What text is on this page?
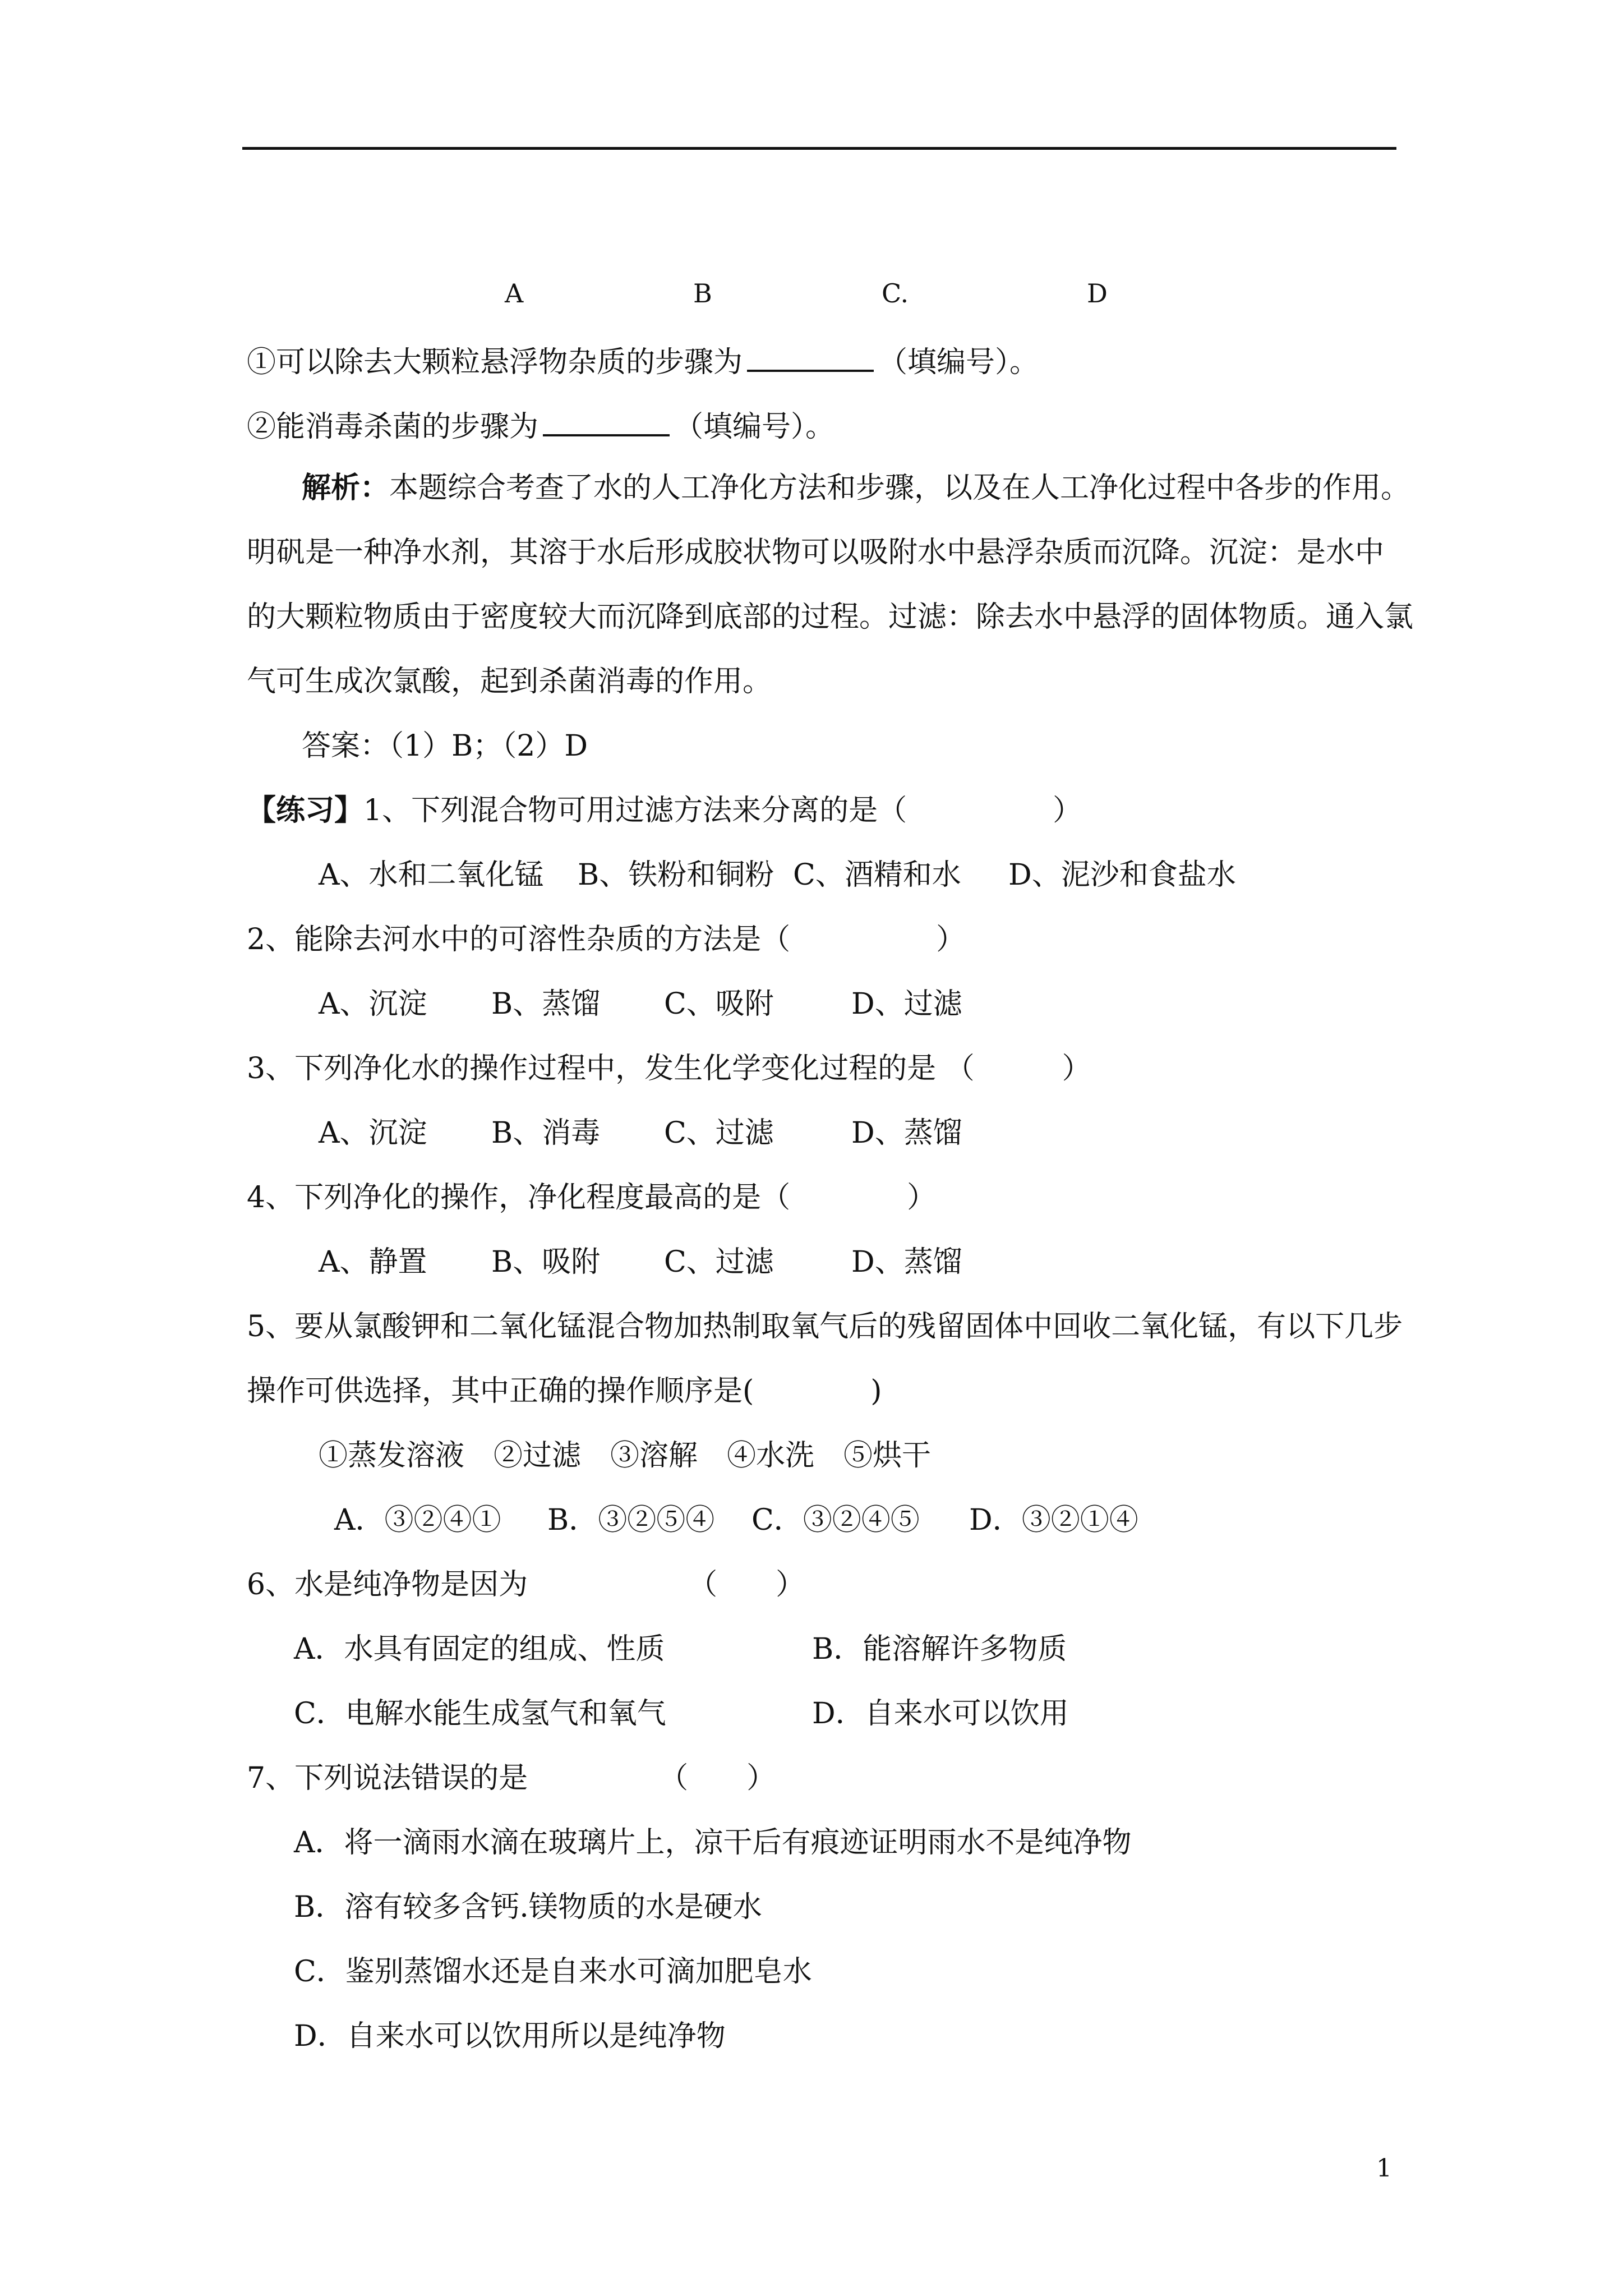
A	B	C.	D
①可以除去大颗粒悬浮物杂质的步骤为	（填编号）。
②能消毒杀菌的步骤为	（填编号）。
解析：本题综合考查了水的人工净化方法和步骤，以及在人工净化过程中各步的作用。
明矾是一种净水剂，其溶于水后形成胶状物可以吸附水中悬浮杂质而沉降。沉淀：是水中
的大颗粒物质由于密度较大而沉降到底部的过程。过滤：除去水中悬浮的固体物质。通入氯
气可生成次氯酸，起到杀菌消毒的作用。
答案：（1）B；（2）D
【练习】1、下列混合物可用过滤方法来分离的是（　　　　　）
A、水和二氧化锰 B、铁粉和铜粉 C、酒精和水 D、泥沙和食盐水
2、能除去河水中的可溶性杂质的方法是（　　　　　）
A、沉淀 B、蒸馏 C、吸附	D、过滤
3、下列净化水的操作过程中，发生化学变化过程的是 （　　　）
A、沉淀 B、消毒 C、过滤	D、蒸馏
4、下列净化的操作，净化程度最高的是（　　　　）
A、静置 B、吸附 C、过滤	D、蒸馏
5、要从氯酸钾和二氧化锰混合物加热制取氧气后的残留固体中回收二氧化锰，有以下几步
操作可供选择，其中正确的操作顺序是(　　　　)
①蒸发溶液　②过滤　③溶解　④水洗　⑤烘干
A．③②④① B．③②⑤④ C．③②④⑤ D．③②①④
6、水是纯净物是因为　　　　　　（　　）
A．水具有固定的组成、性质	B．能溶解许多物质
C．电解水能生成氢气和氧气	D．自来水可以饮用
7、下列说法错误的是　　　　　（　　）
A．将一滴雨水滴在玻璃片上，凉干后有痕迹证明雨水不是纯净物
B．溶有较多含钙.镁物质的水是硬水
C．鉴别蒸馏水还是自来水可滴加肥皂水
D．自来水可以饮用所以是纯净物
1
